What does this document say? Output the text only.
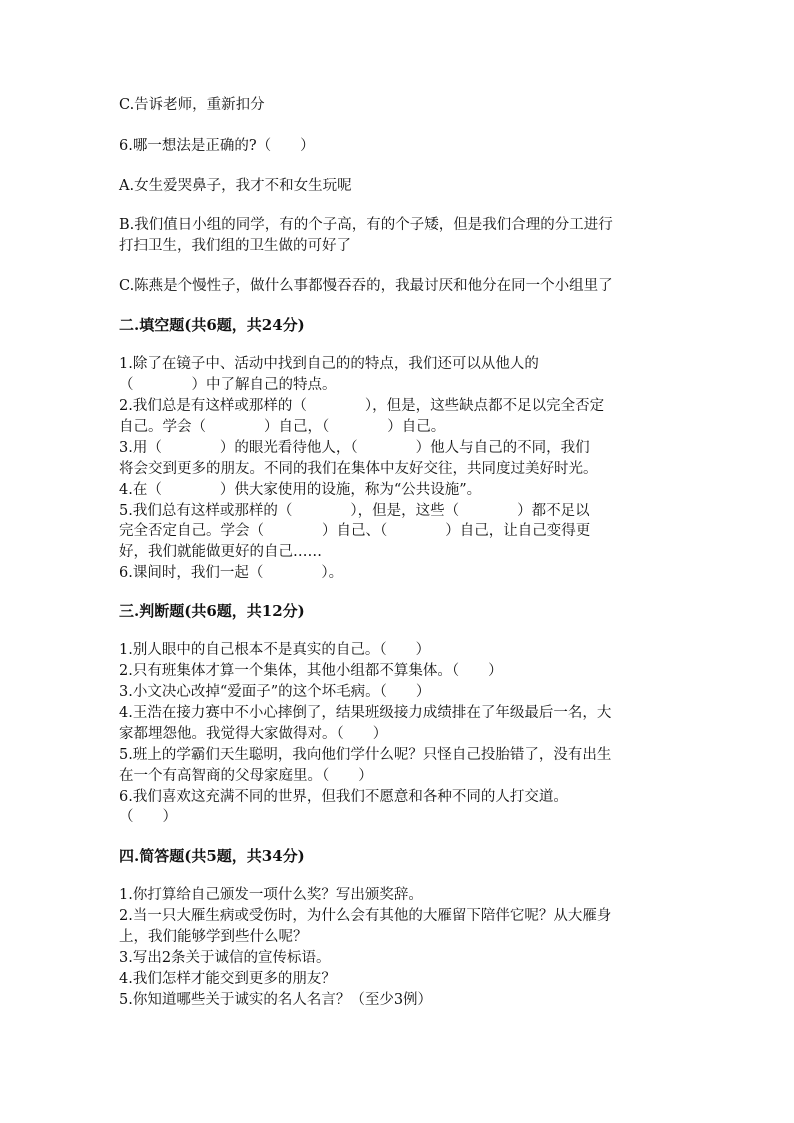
C.告诉老师，重新扣分
6.哪一想法是正确的?（　　）
A.女生爱哭鼻子，我才不和女生玩呢
B.我们值日小组的同学，有的个子高，有的个子矮，但是我们合理的分工进行
打扫卫生，我们组的卫生做的可好了
C.陈燕是个慢性子，做什么事都慢吞吞的，我最讨厌和他分在同一个小组里了
二.填空题(共6题，共24分)
1.除了在镜子中、活动中找到自己的的特点，我们还可以从他人的
（　　　　）中了解自己的特点。
2.我们总是有这样或那样的（　　　　），但是，这些缺点都不足以完全否定
自己。学会（　　　　）自己，（　　　　）自己。
3.用（　　　　）的眼光看待他人，（　　　　）他人与自己的不同，我们
将会交到更多的朋友。不同的我们在集体中友好交往，共同度过美好时光。
4.在（　　　　）供大家使用的设施，称为“公共设施”。
5.我们总有这样或那样的（　　　　），但是，这些（　　　　）都不足以
完全否定自己。学会（　　　　）自己、（　　　　）自己，让自己变得更
好，我们就能做更好的自己……
6.课间时，我们一起（　　　　）。
三.判断题(共6题，共12分)
1.别人眼中的自己根本不是真实的自己。（　　）
2.只有班集体才算一个集体，其他小组都不算集体。（　　）
3.小文决心改掉“爱面子”的这个坏毛病。（　　）
4.王浩在接力赛中不小心摔倒了，结果班级接力成绩排在了年级最后一名，大
家都埋怨他。我觉得大家做得对。（　　）
5.班上的学霸们天生聪明，我向他们学什么呢？只怪自己投胎错了，没有出生
在一个有高智商的父母家庭里。（　　）
6.我们喜欢这充满不同的世界，但我们不愿意和各种不同的人打交道。
（　　）
四.简答题(共5题，共34分)
1.你打算给自己颁发一项什么奖？写出颁奖辞。
2.当一只大雁生病或受伤时，为什么会有其他的大雁留下陪伴它呢？从大雁身
上，我们能够学到些什么呢？
3.写出2条关于诚信的宣传标语。
4.我们怎样才能交到更多的朋友？
5.你知道哪些关于诚实的名人名言？（至少3例）
